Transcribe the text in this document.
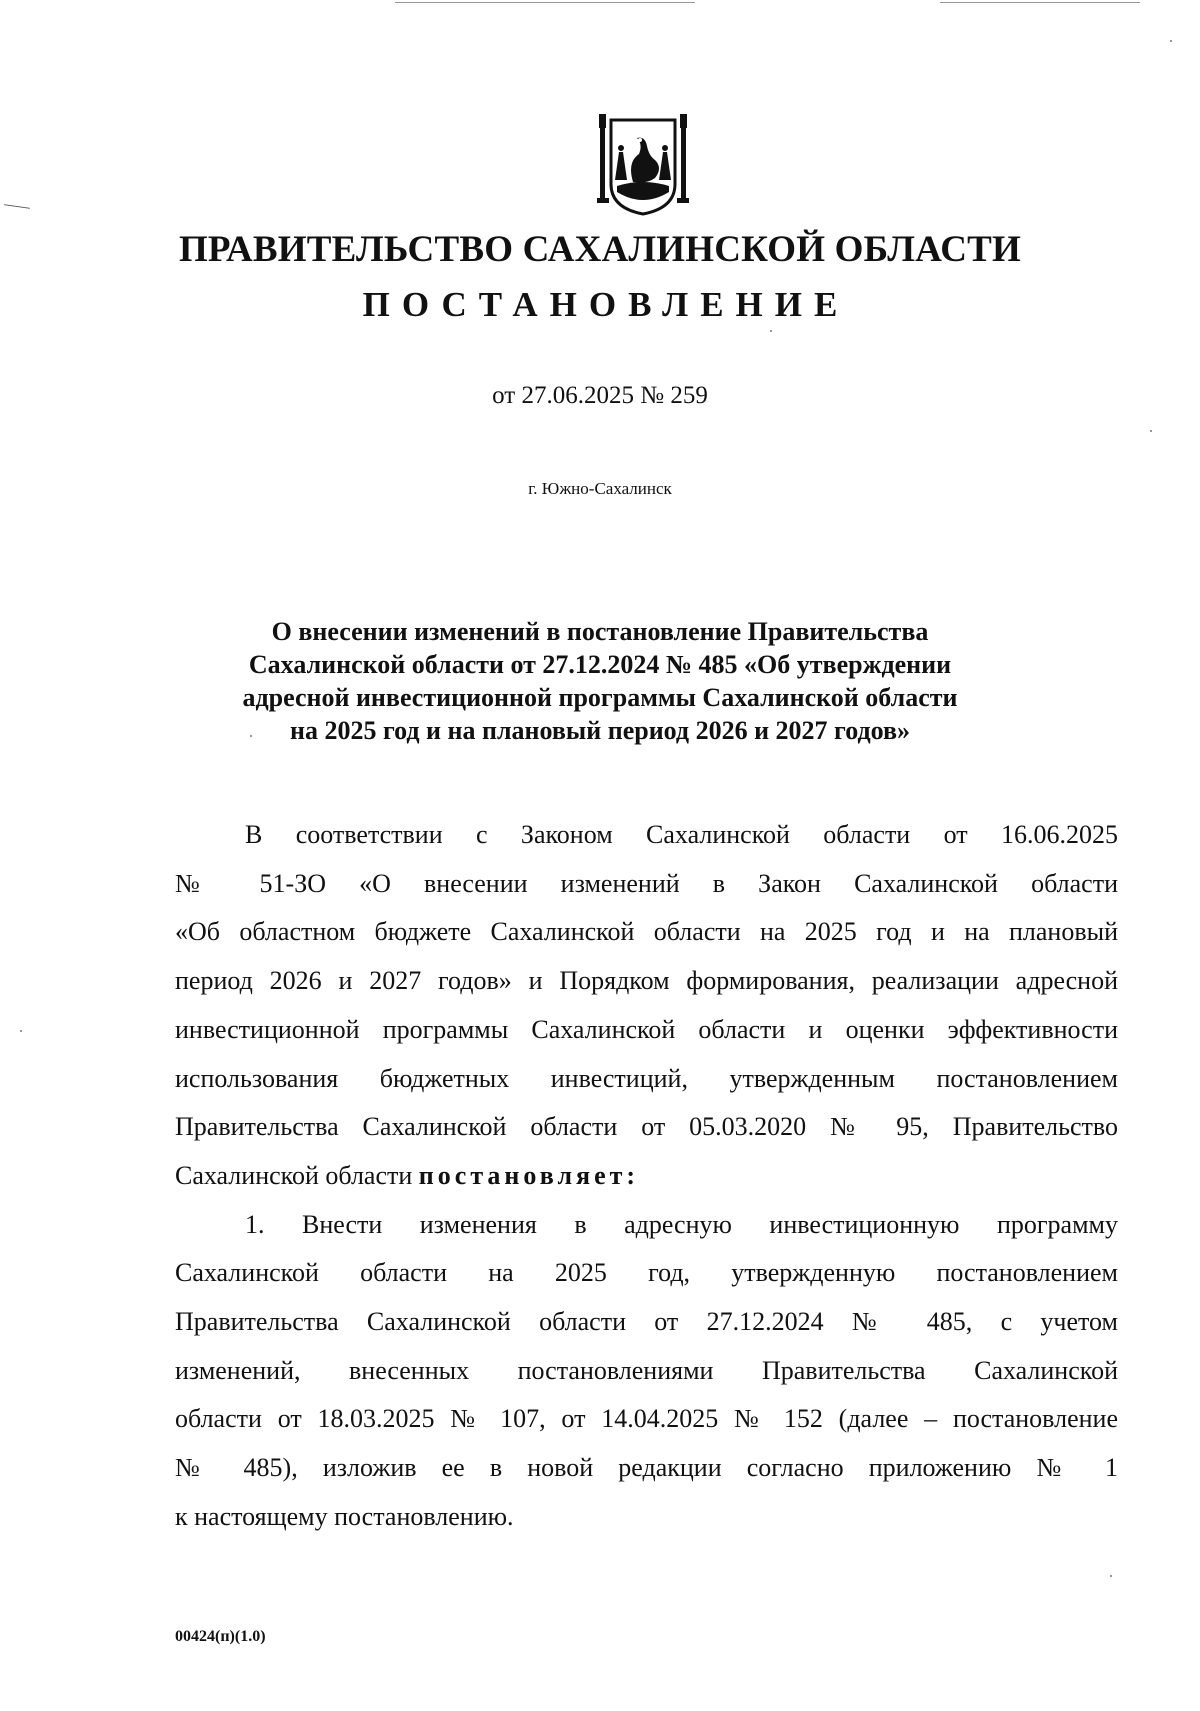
ПРАВИТЕЛЬСТВО САХАЛИНСКОЙ ОБЛАСТИ
ПОСТАНОВЛЕНИЕ

от 27.06.2025 № 259

г. Южно-Сахалинск

О внесении изменений в постановление Правительства
Сахалинской области от 27.12.2024 № 485 «Об утверждении
адресной инвестиционной программы Сахалинской области
на 2025 год и на плановый период 2026 и 2027 годов»
В соответствии с Законом Сахалинской области от 16.06.2025
№ 51-ЗО «О внесении изменений в Закон Сахалинской области
«Об областном бюджете Сахалинской области на 2025 год и на плановый
период 2026 и 2027 годов» и Порядком формирования, реализации адресной
инвестиционной программы Сахалинской области и оценки эффективности
использования бюджетных инвестиций, утвержденным постановлением
Правительства Сахалинской области от 05.03.2020 № 95, Правительство
Сахалинской области постановляет:
1. Внести изменения в адресную инвестиционную программу
Сахалинской области на 2025 год, утвержденную постановлением
Правительства Сахалинской области от 27.12.2024 № 485, с учетом
изменений, внесенных постановлениями Правительства Сахалинской
области от 18.03.2025 № 107, от 14.04.2025 № 152 (далее – постановление
№ 485), изложив ее в новой редакции согласно приложению № 1
к настоящему постановлению.

00424(п)(1.0)
